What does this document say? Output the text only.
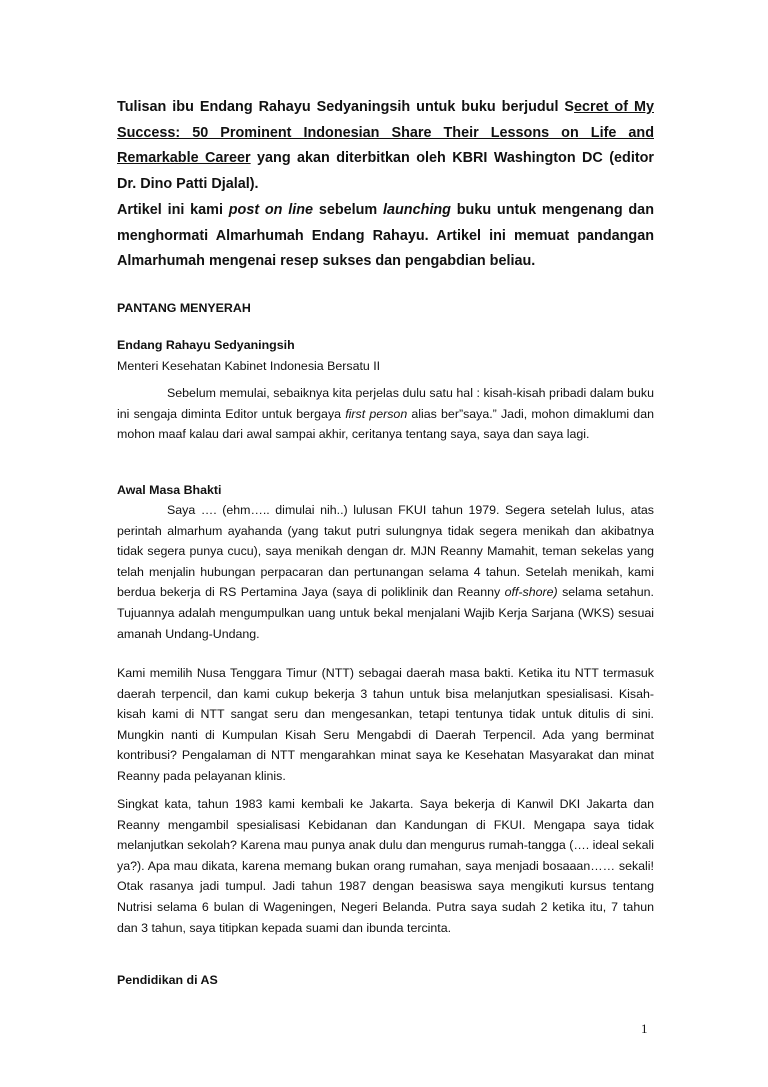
Tulisan ibu Endang Rahayu Sedyaningsih untuk buku berjudul Secret of My Success: 50 Prominent Indonesian Share Their Lessons on Life and Remarkable Career yang akan diterbitkan oleh KBRI Washington DC (editor Dr. Dino Patti Djalal).

Artikel ini kami post on line sebelum launching buku untuk mengenang dan menghormati Almarhumah Endang Rahayu. Artikel ini memuat pandangan Almarhumah mengenai resep sukses dan pengabdian beliau.

PANTANG MENYERAH
Endang Rahayu Sedyaningsih
Menteri Kesehatan Kabinet Indonesia Bersatu II

Sebelum memulai, sebaiknya kita perjelas dulu satu hal : kisah-kisah pribadi dalam buku ini sengaja diminta Editor untuk bergaya first person alias ber”saya.” Jadi, mohon dimaklumi dan mohon maaf kalau dari awal sampai akhir, ceritanya tentang saya, saya dan saya lagi.

Awal Masa Bhakti

Saya …. (ehm….. dimulai nih..) lulusan FKUI tahun 1979. Segera setelah lulus, atas perintah almarhum ayahanda (yang takut putri sulungnya tidak segera menikah dan akibatnya tidak segera punya cucu), saya menikah dengan dr. MJN Reanny Mamahit, teman sekelas yang telah menjalin hubungan perpacaran dan pertunangan selama 4 tahun. Setelah menikah, kami berdua bekerja di RS Pertamina Jaya (saya di poliklinik dan Reanny off-shore) selama setahun. Tujuannya adalah mengumpulkan uang untuk bekal menjalani Wajib Kerja Sarjana (WKS) sesuai amanah Undang-Undang.

Kami memilih Nusa Tenggara Timur (NTT) sebagai daerah masa bakti. Ketika itu NTT termasuk daerah terpencil, dan kami cukup bekerja 3 tahun untuk bisa melanjutkan spesialisasi. Kisah-kisah kami di NTT sangat seru dan mengesankan, tetapi tentunya tidak untuk ditulis di sini. Mungkin nanti di Kumpulan Kisah Seru Mengabdi di Daerah Terpencil. Ada yang berminat kontribusi? Pengalaman di NTT mengarahkan minat saya ke Kesehatan Masyarakat dan minat Reanny pada pelayanan klinis.

Singkat kata, tahun 1983 kami kembali ke Jakarta. Saya bekerja di Kanwil DKI Jakarta dan Reanny mengambil spesialisasi Kebidanan dan Kandungan di FKUI. Mengapa saya tidak melanjutkan sekolah? Karena mau punya anak dulu dan mengurus rumah-tangga (…. ideal sekali ya?). Apa mau dikata, karena memang bukan orang rumahan, saya menjadi bosaaan…… sekali! Otak rasanya jadi tumpul. Jadi tahun 1987 dengan beasiswa saya mengikuti kursus tentang Nutrisi selama 6 bulan di Wageningen, Negeri Belanda. Putra saya sudah 2 ketika itu, 7 tahun dan 3 tahun, saya titipkan kepada suami dan ibunda tercinta.

Pendidikan di AS
1
